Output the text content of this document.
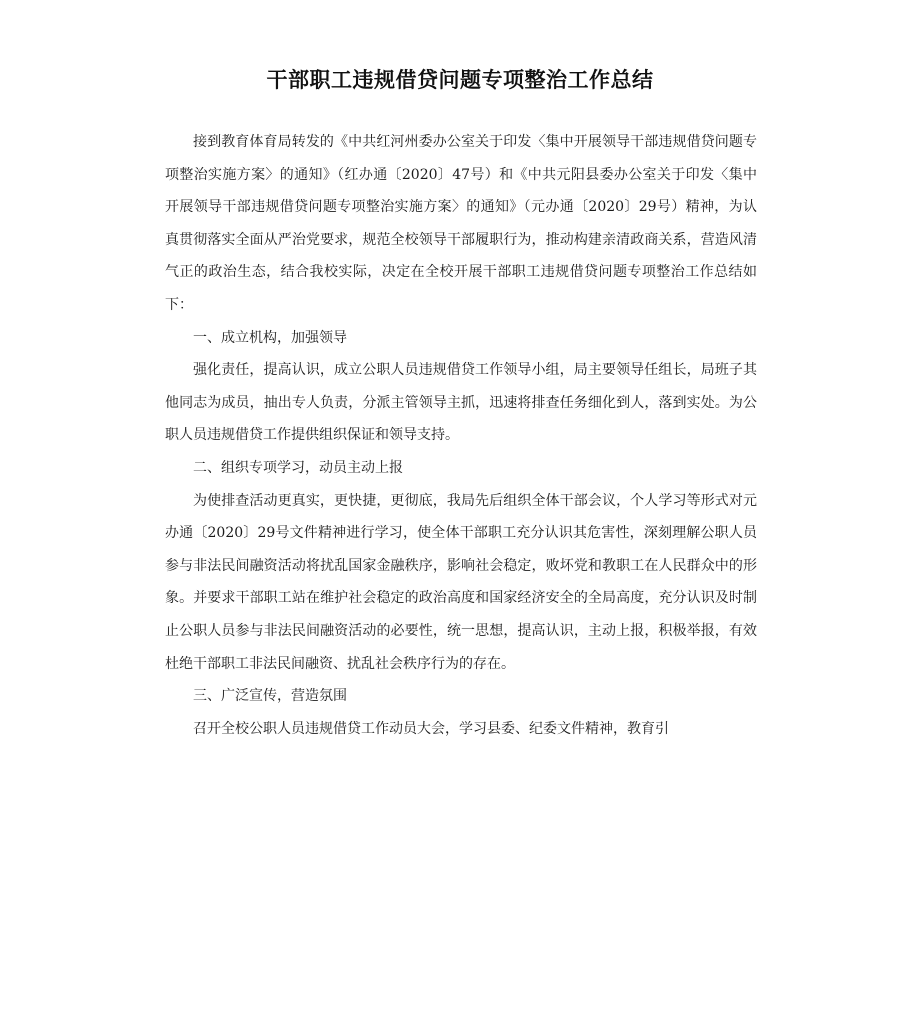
干部职工违规借贷问题专项整治工作总结

接到教育体育局转发的《中共红河州委办公室关于印发〈集中开展领导干部违规借贷问题专项整治实施方案〉的通知》（红办通〔2020〕47号）和《中共元阳县委办公室关于印发〈集中开展领导干部违规借贷问题专项整治实施方案〉的通知》（元办通〔2020〕29号）精神，为认真贯彻落实全面从严治党要求，规范全校领导干部履职行为，推动构建亲清政商关系，营造风清气正的政治生态，结合我校实际，决定在全校开展干部职工违规借贷问题专项整治工作总结如下：

一、成立机构，加强领导

强化责任，提高认识，成立公职人员违规借贷工作领导小组，局主要领导任组长，局班子其他同志为成员，抽出专人负责，分派主管领导主抓，迅速将排查任务细化到人，落到实处。为公职人员违规借贷工作提供组织保证和领导支持。

二、组织专项学习，动员主动上报

为使排查活动更真实，更快捷，更彻底，我局先后组织全体干部会议，个人学习等形式对元办通〔2020〕29号文件精神进行学习，使全体干部职工充分认识其危害性，深刻理解公职人员参与非法民间融资活动将扰乱国家金融秩序，影响社会稳定，败坏党和教职工在人民群众中的形象。并要求干部职工站在维护社会稳定的政治高度和国家经济安全的全局高度，充分认识及时制止公职人员参与非法民间融资活动的必要性，统一思想，提高认识，主动上报，积极举报，有效杜绝干部职工非法民间融资、扰乱社会秩序行为的存在。

三、广泛宣传，营造氛围

召开全校公职人员违规借贷工作动员大会，学习县委、纪委文件精神，教育引
